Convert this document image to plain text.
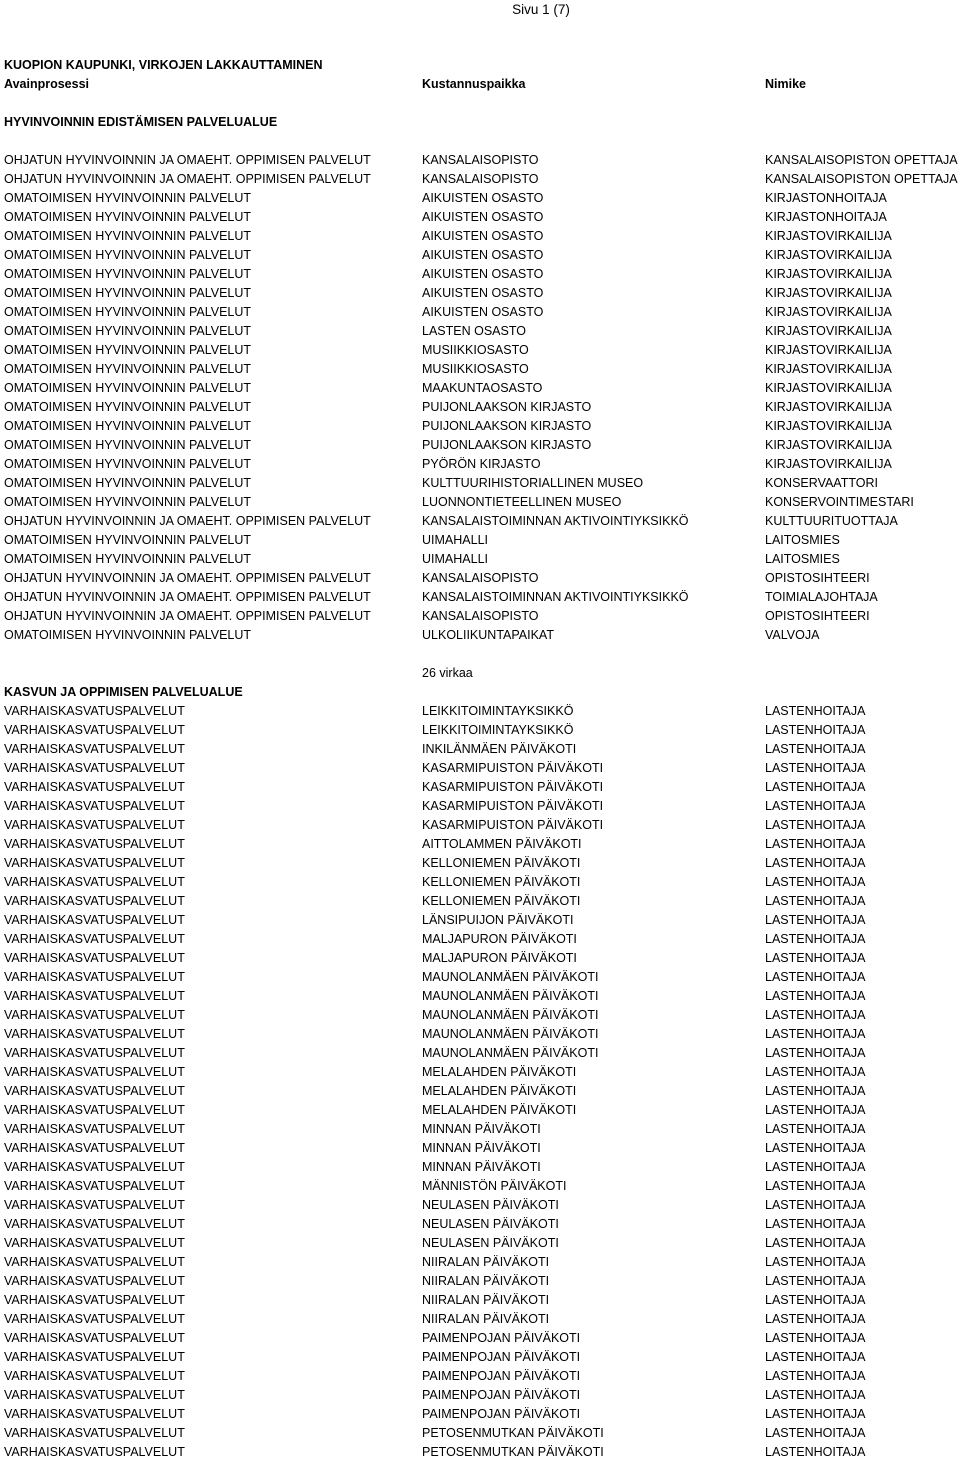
Sivu 1 (7)
KUOPION KAUPUNKI, VIRKOJEN LAKKAUTTAMINEN
Avainprosessi	Kustannuspaikka	Nimike
HYVINVOINNIN EDISTÄMISEN PALVELUALUE
OHJATUN HYVINVOINNIN JA OMAEHT. OPPIMISEN PALVELUT	KANSALAISOPISTO	KANSALAISOPISTON OPETTAJA
OHJATUN HYVINVOINNIN JA OMAEHT. OPPIMISEN PALVELUT	KANSALAISOPISTO	KANSALAISOPISTON OPETTAJA
OMATOIMISEN HYVINVOINNIN PALVELUT	AIKUISTEN OSASTO	KIRJASTONHOITAJA
OMATOIMISEN HYVINVOINNIN PALVELUT	AIKUISTEN OSASTO	KIRJASTONHOITAJA
OMATOIMISEN HYVINVOINNIN PALVELUT	AIKUISTEN OSASTO	KIRJASTOVIRKAILIJA
OMATOIMISEN HYVINVOINNIN PALVELUT	AIKUISTEN OSASTO	KIRJASTOVIRKAILIJA
OMATOIMISEN HYVINVOINNIN PALVELUT	AIKUISTEN OSASTO	KIRJASTOVIRKAILIJA
OMATOIMISEN HYVINVOINNIN PALVELUT	AIKUISTEN OSASTO	KIRJASTOVIRKAILIJA
OMATOIMISEN HYVINVOINNIN PALVELUT	AIKUISTEN OSASTO	KIRJASTOVIRKAILIJA
OMATOIMISEN HYVINVOINNIN PALVELUT	LASTEN OSASTO	KIRJASTOVIRKAILIJA
OMATOIMISEN HYVINVOINNIN PALVELUT	MUSIIKKIOSASTO	KIRJASTOVIRKAILIJA
OMATOIMISEN HYVINVOINNIN PALVELUT	MUSIIKKIOSASTO	KIRJASTOVIRKAILIJA
OMATOIMISEN HYVINVOINNIN PALVELUT	MAAKUNTAOSASTO	KIRJASTOVIRKAILIJA
OMATOIMISEN HYVINVOINNIN PALVELUT	PUIJONLAAKSON KIRJASTO	KIRJASTOVIRKAILIJA
OMATOIMISEN HYVINVOINNIN PALVELUT	PUIJONLAAKSON KIRJASTO	KIRJASTOVIRKAILIJA
OMATOIMISEN HYVINVOINNIN PALVELUT	PUIJONLAAKSON KIRJASTO	KIRJASTOVIRKAILIJA
OMATOIMISEN HYVINVOINNIN PALVELUT	PYÖRÖN KIRJASTO	KIRJASTOVIRKAILIJA
OMATOIMISEN HYVINVOINNIN PALVELUT	KULTTUURIHISTORIALLINEN MUSEO	KONSERVAATTORI
OMATOIMISEN HYVINVOINNIN PALVELUT	LUONNONTIETEELLINEN MUSEO	KONSERVOINTIMESTARI
OHJATUN HYVINVOINNIN JA OMAEHT. OPPIMISEN PALVELUT	KANSALAISTOIMINNAN AKTIVOINTIYKSIKKÖ	KULTTUURITUOTTAJA
OMATOIMISEN HYVINVOINNIN PALVELUT	UIMAHALLI	LAITOSMIES
OMATOIMISEN HYVINVOINNIN PALVELUT	UIMAHALLI	LAITOSMIES
OHJATUN HYVINVOINNIN JA OMAEHT. OPPIMISEN PALVELUT	KANSALAISOPISTO	OPISTOSIHTEERI
OHJATUN HYVINVOINNIN JA OMAEHT. OPPIMISEN PALVELUT	KANSALAISTOIMINNAN AKTIVOINTIYKSIKKÖ	TOIMIALAJOHTAJA
OHJATUN HYVINVOINNIN JA OMAEHT. OPPIMISEN PALVELUT	KANSALAISOPISTO	OPISTOSIHTEERI
OMATOIMISEN HYVINVOINNIN PALVELUT	ULKOLIIKUNTAPAIKAT	VALVOJA
26 virkaa
KASVUN JA OPPIMISEN PALVELUALUE
VARHAISKASVATUSPALVELUT	LEIKKITOIMINTAYKSIKKÖ	LASTENHOITAJA
VARHAISKASVATUSPALVELUT	LEIKKITOIMINTAYKSIKKÖ	LASTENHOITAJA
VARHAISKASVATUSPALVELUT	INKILÄNMÄEN PÄIVÄKOTI	LASTENHOITAJA
VARHAISKASVATUSPALVELUT	KASARMIPUISTON PÄIVÄKOTI	LASTENHOITAJA
VARHAISKASVATUSPALVELUT	KASARMIPUISTON PÄIVÄKOTI	LASTENHOITAJA
VARHAISKASVATUSPALVELUT	KASARMIPUISTON PÄIVÄKOTI	LASTENHOITAJA
VARHAISKASVATUSPALVELUT	KASARMIPUISTON PÄIVÄKOTI	LASTENHOITAJA
VARHAISKASVATUSPALVELUT	AITTOLAMMEN PÄIVÄKOTI	LASTENHOITAJA
VARHAISKASVATUSPALVELUT	KELLONIEMEN PÄIVÄKOTI	LASTENHOITAJA
VARHAISKASVATUSPALVELUT	KELLONIEMEN PÄIVÄKOTI	LASTENHOITAJA
VARHAISKASVATUSPALVELUT	KELLONIEMEN PÄIVÄKOTI	LASTENHOITAJA
VARHAISKASVATUSPALVELUT	LÄNSIPUIJON PÄIVÄKOTI	LASTENHOITAJA
VARHAISKASVATUSPALVELUT	MALJAPURON PÄIVÄKOTI	LASTENHOITAJA
VARHAISKASVATUSPALVELUT	MALJAPURON PÄIVÄKOTI	LASTENHOITAJA
VARHAISKASVATUSPALVELUT	MAUNOLANMÄEN PÄIVÄKOTI	LASTENHOITAJA
VARHAISKASVATUSPALVELUT	MAUNOLANMÄEN PÄIVÄKOTI	LASTENHOITAJA
VARHAISKASVATUSPALVELUT	MAUNOLANMÄEN PÄIVÄKOTI	LASTENHOITAJA
VARHAISKASVATUSPALVELUT	MAUNOLANMÄEN PÄIVÄKOTI	LASTENHOITAJA
VARHAISKASVATUSPALVELUT	MAUNOLANMÄEN PÄIVÄKOTI	LASTENHOITAJA
VARHAISKASVATUSPALVELUT	MELALAHDEN PÄIVÄKOTI	LASTENHOITAJA
VARHAISKASVATUSPALVELUT	MELALAHDEN PÄIVÄKOTI	LASTENHOITAJA
VARHAISKASVATUSPALVELUT	MELALAHDEN PÄIVÄKOTI	LASTENHOITAJA
VARHAISKASVATUSPALVELUT	MINNAN PÄIVÄKOTI	LASTENHOITAJA
VARHAISKASVATUSPALVELUT	MINNAN PÄIVÄKOTI	LASTENHOITAJA
VARHAISKASVATUSPALVELUT	MINNAN PÄIVÄKOTI	LASTENHOITAJA
VARHAISKASVATUSPALVELUT	MÄNNISTÖN PÄIVÄKOTI	LASTENHOITAJA
VARHAISKASVATUSPALVELUT	NEULASEN PÄIVÄKOTI	LASTENHOITAJA
VARHAISKASVATUSPALVELUT	NEULASEN PÄIVÄKOTI	LASTENHOITAJA
VARHAISKASVATUSPALVELUT	NEULASEN PÄIVÄKOTI	LASTENHOITAJA
VARHAISKASVATUSPALVELUT	NIIRALAN PÄIVÄKOTI	LASTENHOITAJA
VARHAISKASVATUSPALVELUT	NIIRALAN PÄIVÄKOTI	LASTENHOITAJA
VARHAISKASVATUSPALVELUT	NIIRALAN PÄIVÄKOTI	LASTENHOITAJA
VARHAISKASVATUSPALVELUT	NIIRALAN PÄIVÄKOTI	LASTENHOITAJA
VARHAISKASVATUSPALVELUT	PAIMENPOJAN PÄIVÄKOTI	LASTENHOITAJA
VARHAISKASVATUSPALVELUT	PAIMENPOJAN PÄIVÄKOTI	LASTENHOITAJA
VARHAISKASVATUSPALVELUT	PAIMENPOJAN PÄIVÄKOTI	LASTENHOITAJA
VARHAISKASVATUSPALVELUT	PAIMENPOJAN PÄIVÄKOTI	LASTENHOITAJA
VARHAISKASVATUSPALVELUT	PAIMENPOJAN PÄIVÄKOTI	LASTENHOITAJA
VARHAISKASVATUSPALVELUT	PETOSENMUTKAN PÄIVÄKOTI	LASTENHOITAJA
VARHAISKASVATUSPALVELUT	PETOSENMUTKAN PÄIVÄKOTI	LASTENHOITAJA
